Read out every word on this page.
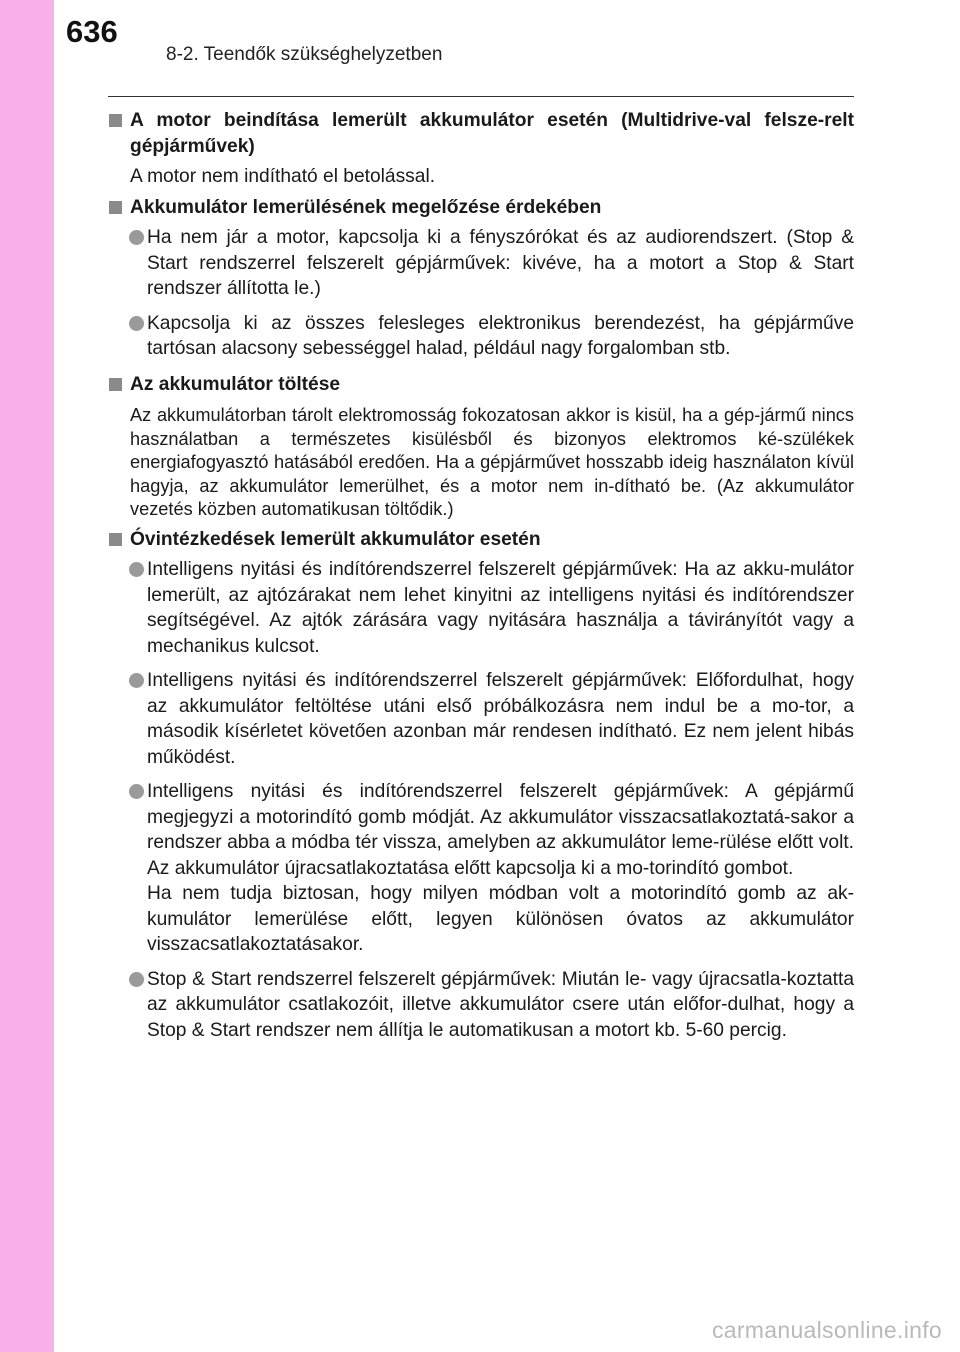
636
8-2. Teendők szükséghelyzetben
A motor beindítása lemerült akkumulátor esetén (Multidrive-val felsze-relt gépjárművek)
A motor nem indítható el betolással.
Akkumulátor lemerülésének megelőzése érdekében
Ha nem jár a motor, kapcsolja ki a fényszórókat és az audiorendszert. (Stop & Start rendszerrel felszerelt gépjárművek: kivéve, ha a motort a Stop & Start rendszer állította le.)
Kapcsolja ki az összes felesleges elektronikus berendezést, ha gépjárműve tartósan alacsony sebességgel halad, például nagy forgalomban stb.
Az akkumulátor töltése
Az akkumulátorban tárolt elektromosság fokozatosan akkor is kisül, ha a gép-jármű nincs használatban a természetes kisülésből és bizonyos elektromos ké-szülékek energiafogyasztó hatásából eredően. Ha a gépjárművet hosszabb ideig használaton kívül hagyja, az akkumulátor lemerülhet, és a motor nem in-dítható be. (Az akkumulátor vezetés közben automatikusan töltődik.)
Óvintézkedések lemerült akkumulátor esetén
Intelligens nyitási és indítórendszerrel felszerelt gépjárművek: Ha az akku-mulátor lemerült, az ajtózárakat nem lehet kinyitni az intelligens nyitási és indítórendszer segítségével. Az ajtók zárására vagy nyitására használja a távirányítót vagy a mechanikus kulcsot.
Intelligens nyitási és indítórendszerrel felszerelt gépjárművek: Előfordulhat, hogy az akkumulátor feltöltése utáni első próbálkozásra nem indul be a mo-tor, a második kísérletet követően azonban már rendesen indítható. Ez nem jelent hibás működést.
Intelligens nyitási és indítórendszerrel felszerelt gépjárművek: A gépjármű megjegyzi a motorindító gomb módját. Az akkumulátor visszacsatlakoztatá-sakor a rendszer abba a módba tér vissza, amelyben az akkumulátor leme-rülése előtt volt. Az akkumulátor újracsatlakoztatása előtt kapcsolja ki a mo-torindító gombot.
Ha nem tudja biztosan, hogy milyen módban volt a motorindító gomb az ak-kumulátor lemerülése előtt, legyen különösen óvatos az akkumulátor visszacsatlakoztatásakor.
Stop & Start rendszerrel felszerelt gépjárművek: Miután le- vagy újracsatla-koztatta az akkumulátor csatlakozóit, illetve akkumulátor csere után előfor-dulhat, hogy a Stop & Start rendszer nem állítja le automatikusan a motort kb. 5-60 percig.
carmanualsonline.info
